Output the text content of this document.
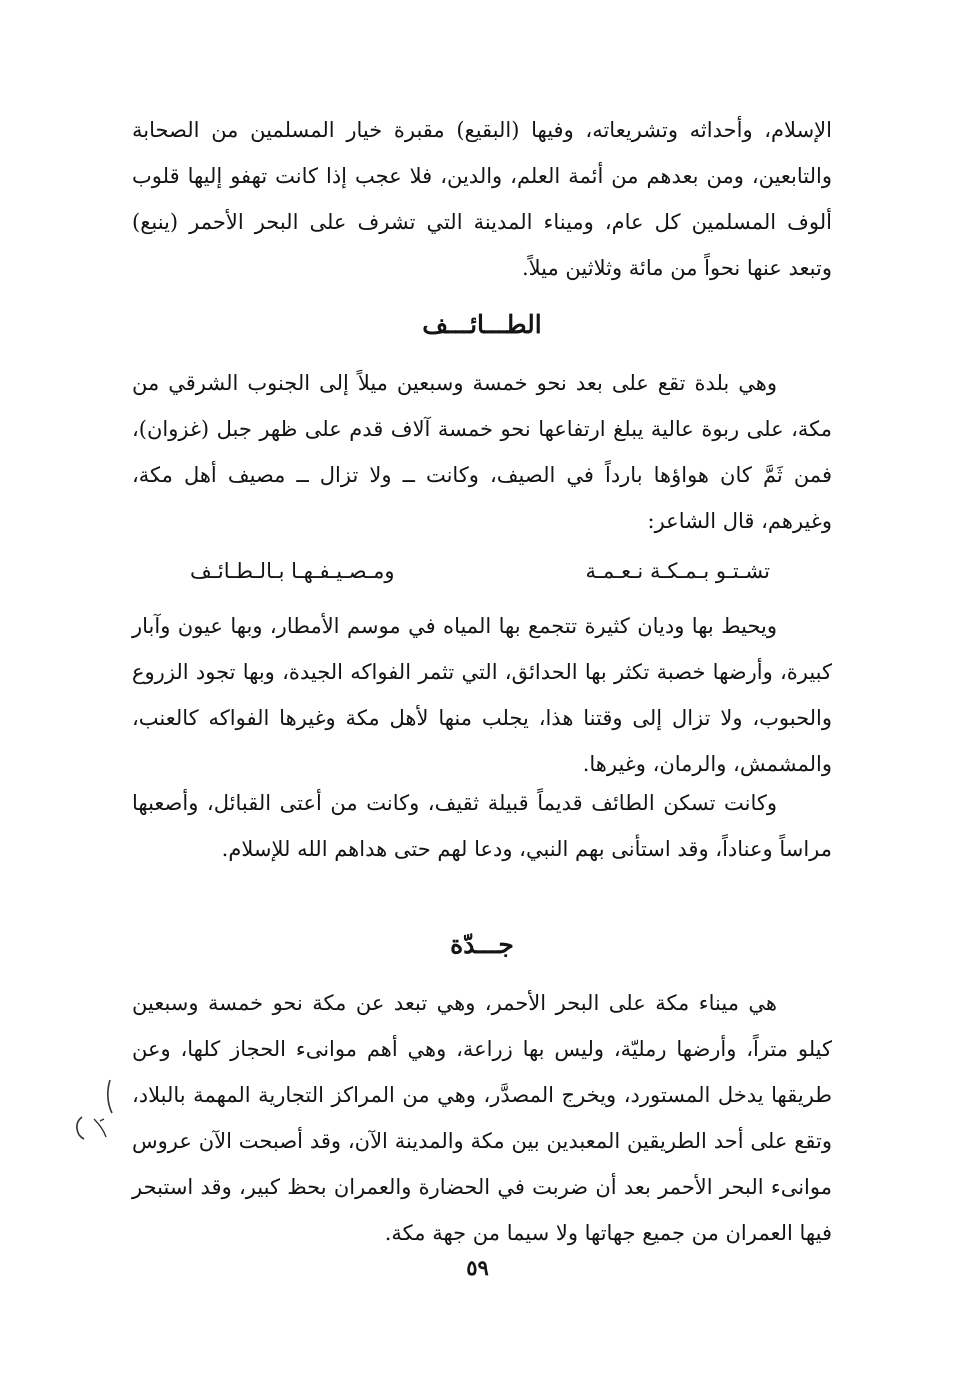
الإسلام، وأحداثه وتشريعاته، وفيها (البقيع) مقبرة خيار المسلمين من الصحابة والتابعين، ومن بعدهم من أئمة العلم، والدين، فلا عجب إذا كانت تهفو إليها قلوب ألوف المسلمين كل عام، وميناء المدينة التي تشرف على البحر الأحمر (ينبع) وتبعد عنها نحواً من مائة وثلاثين ميلاً.

الطـــائـــف

وهي بلدة تقع على بعد نحو خمسة وسبعين ميلاً إلى الجنوب الشرقي من مكة، على ربوة عالية يبلغ ارتفاعها نحو خمسة آلاف قدم على ظهر جبل (غزوان)، فمن ثَمَّ كان هواؤها بارداً في الصيف، وكانت ــ ولا تزال ــ مصيف أهل مكة، وغيرهم، قال الشاعر:

تشـتـو بـمـكـة نـعـمـة
ومـصـيـفـهـا بـالـطـائـف

ويحيط بها وديان كثيرة تتجمع بها المياه في موسم الأمطار، وبها عيون وآبار كبيرة، وأرضها خصبة تكثر بها الحدائق، التي تثمر الفواكه الجيدة، وبها تجود الزروع والحبوب، ولا تزال إلى وقتنا هذا، يجلب منها لأهل مكة وغيرها الفواكه كالعنب، والمشمش، والرمان، وغيرها.

وكانت تسكن الطائف قديماً قبيلة ثقيف، وكانت من أعتى القبائل، وأصعبها مراساً وعناداً، وقد استأنى بهم النبي، ودعا لهم حتى هداهم الله للإسلام.

جـــدّة

هي ميناء مكة على البحر الأحمر، وهي تبعد عن مكة نحو خمسة وسبعين كيلو متراً، وأرضها رمليّة، وليس بها زراعة، وهي أهم موانىء الحجاز كلها، وعن طريقها يدخل المستورد، ويخرج المصدَّر، وهي من المراكز التجارية المهمة بالبلاد، وتقع على أحد الطريقين المعبدين بين مكة والمدينة الآن، وقد أصبحت الآن عروس موانىء البحر الأحمر بعد أن ضربت في الحضارة والعمران بحظ كبير، وقد استبحر فيها العمران من جميع جهاتها ولا سيما من جهة مكة.

٥٩
